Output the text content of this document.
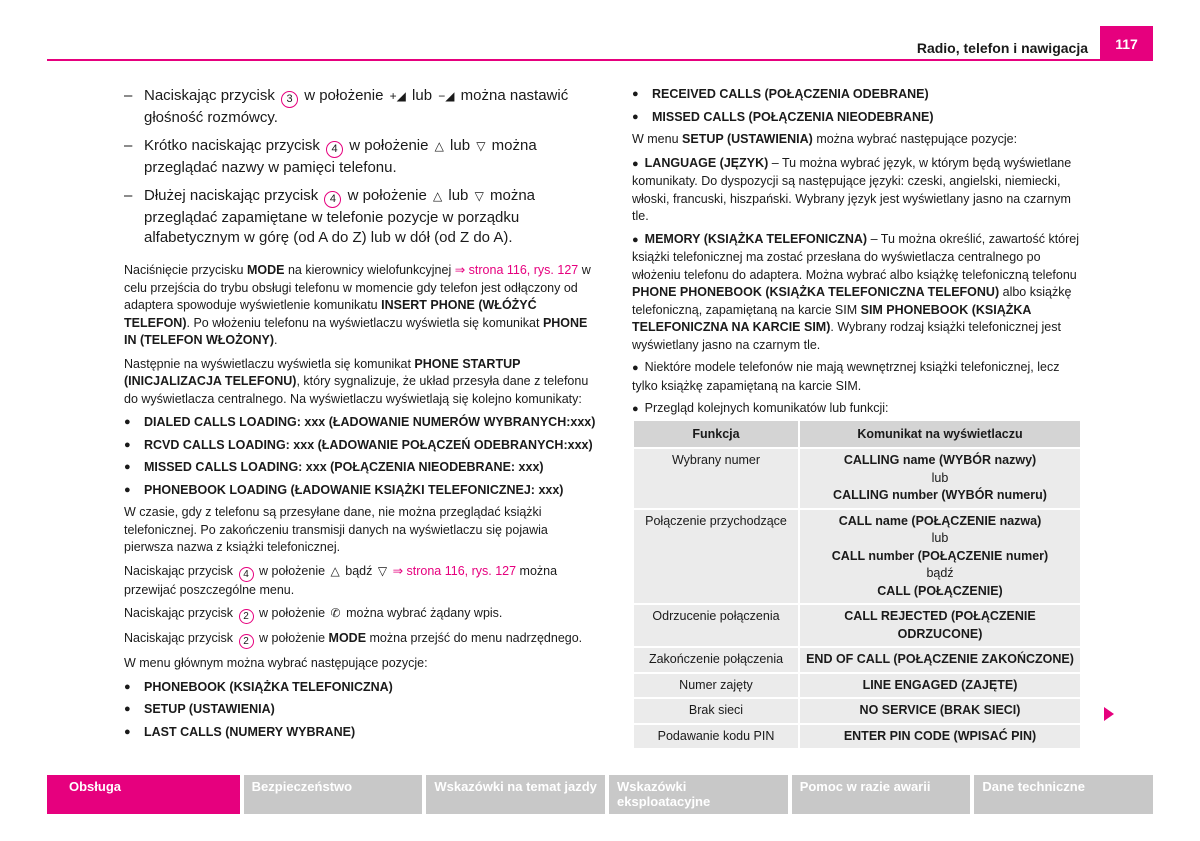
117
Radio, telefon i nawigacja
– Naciskając przycisk 3 w położenie +◢ lub −◢ można nastawić głośność rozmówcy.
– Krótko naciskając przycisk 4 w położenie △ lub ▽ można przeglądać nazwy w pamięci telefonu.
– Dłużej naciskając przycisk 4 w położenie △ lub ▽ można przeglądać zapamiętane w telefonie pozycje w porządku alfabetycznym w górę (od A do Z) lub w dół (od Z do A).

Naciśnięcie przycisku MODE na kierownicy wielofunkcyjnej ⇒ strona 116, rys. 127 w celu przejścia do trybu obsługi telefonu w momencie gdy telefon jest odłączony od adaptera spowoduje wyświetlenie komunikatu INSERT PHONE (WŁÓŻYĆ TELEFON). Po włożeniu telefonu na wyświetlaczu wyświetla się komunikat PHONE IN (TELEFON WŁOŻONY).

Następnie na wyświetlaczu wyświetla się komunikat PHONE STARTUP (INICJALIZACJA TELEFONU), który sygnalizuje, że układ przesyła dane z telefonu do wyświetlacza centralnego. Na wyświetlaczu wyświetlają się kolejno komunikaty:

● DIALED CALLS LOADING: xxx (ŁADOWANIE NUMERÓW WYBRANYCH:xxx)
● RCVD CALLS LOADING: xxx (ŁADOWANIE POŁĄCZEŃ ODEBRANYCH:xxx)
● MISSED CALLS LOADING: xxx (POŁĄCZENIA NIEODEBRANE: xxx)
● PHONEBOOK LOADING (ŁADOWANIE KSIĄŻKI TELEFONICZNEJ: xxx)

W czasie, gdy z telefonu są przesyłane dane, nie można przeglądać książki telefonicznej. Po zakończeniu transmisji danych na wyświetlaczu się pojawia pierwsza nazwa z książki telefonicznej.

Naciskając przycisk 4 w położenie △ bądź ▽ ⇒ strona 116, rys. 127 można przewijać poszczególne menu.

Naciskając przycisk 2 w położenie ✆ można wybrać żądany wpis.

Naciskając przycisk 2 w położenie MODE można przejść do menu nadrzędnego.

W menu głównym można wybrać następujące pozycje:

● PHONEBOOK (KSIĄŻKA TELEFONICZNA)
● SETUP (USTAWIENIA)
● LAST CALLS (NUMERY WYBRANE)
● RECEIVED CALLS (POŁĄCZENIA ODEBRANE)
● MISSED CALLS (POŁĄCZENIA NIEODEBRANE)

W menu SETUP (USTAWIENIA) można wybrać następujące pozycje:

● LANGUAGE (JĘZYK) – Tu można wybrać język, w którym będą wyświetlane komunikaty. Do dyspozycji są następujące języki: czeski, angielski, niemiecki, włoski, francuski, hiszpański. Wybrany język jest wyświetlany jasno na czarnym tle.

● MEMORY (KSIĄŻKA TELEFONICZNA) – Tu można określić, zawartość której książki telefonicznej ma zostać przesłana do wyświetlacza centralnego po włożeniu telefonu do adaptera. Można wybrać albo książkę telefoniczną telefonu PHONE PHONEBOOK (KSIĄŻKA TELEFONICZNA TELEFONU) albo książkę telefoniczną, zapamiętaną na karcie SIM SIM PHONEBOOK (KSIĄŻKA TELEFONICZNA NA KARCIE SIM). Wybrany rodzaj książki telefonicznej jest wyświetlany jasno na czarnym tle.

● Niektóre modele telefonów nie mają wewnętrznej książki telefonicznej, lecz tylko książkę zapamiętaną na karcie SIM.

● Przegląd kolejnych komunikatów lub funkcji:

Funkcja	Komunikat na wyświetlaczu
Wybrany numer	CALLING name (WYBÓR nazwy)
lub
CALLING number (WYBÓR numeru)

Połączenie przychodzące	CALL name (POŁĄCZENIE nazwa)
lub
CALL number (POŁĄCZENIE numer)
bądź
CALL (POŁĄCZENIE)

Odrzucenie połączenia	CALL REJECTED (POŁĄCZENIE ODRZUCONE)
Zakończenie połączenia	END OF CALL (POŁĄCZENIE ZAKOŃCZONE)
Numer zajęty	LINE ENGAGED (ZAJĘTE)
Brak sieci	NO SERVICE (BRAK SIECI)
Podawanie kodu PIN	ENTER PIN CODE (WPISAĆ PIN)
Obsługa	Bezpieczeństwo	Wskazówki na temat jazdy	Wskazówki eksploatacyjne
Pomoc w razie awarii	Dane techniczne
